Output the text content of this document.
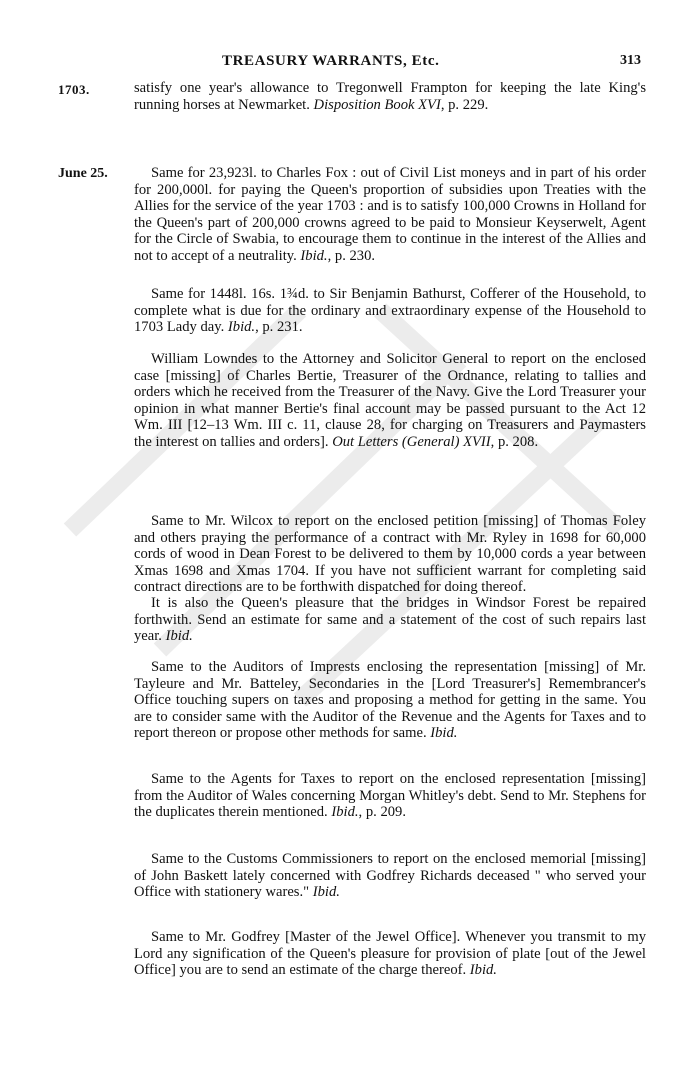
1703.
TREASURY WARRANTS, Etc.	313
June 25.

satisfy one year's allowance to Tregonwell Frampton for keeping the late King's running horses at Newmarket. Disposition Book XVI, p. 229.

Same for 23,923l. to Charles Fox : out of Civil List moneys and in part of his order for 200,000l. for paying the Queen's proportion of subsidies upon Treaties with the Allies for the service of the year 1703 : and is to satisfy 100,000 Crowns in Holland for the Queen's part of 200,000 crowns agreed to be paid to Monsieur Keyserwelt, Agent for the Circle of Swabia, to encourage them to continue in the interest of the Allies and not to accept of a neutrality. Ibid., p. 230.

Same for 1448l. 16s. 1¾d. to Sir Benjamin Bathurst, Cofferer of the Household, to complete what is due for the ordinary and extraordinary expense of the Household to 1703 Lady day. Ibid., p. 231.

William Lowndes to the Attorney and Solicitor General to report on the enclosed case [missing] of Charles Bertie, Treasurer of the Ordnance, relating to tallies and orders which he received from the Treasurer of the Navy. Give the Lord Treasurer your opinion in what manner Bertie's final account may be passed pursuant to the Act 12 Wm. III [12–13 Wm. III c. 11, clause 28, for charging on Treasurers and Paymasters the interest on tallies and orders]. Out Letters (General) XVII, p. 208.

Same to Mr. Wilcox to report on the enclosed petition [missing] of Thomas Foley and others praying the performance of a contract with Mr. Ryley in 1698 for 60,000 cords of wood in Dean Forest to be delivered to them by 10,000 cords a year between Xmas 1698 and Xmas 1704. If you have not sufficient warrant for completing said contract directions are to be forthwith dispatched for doing thereof.

It is also the Queen's pleasure that the bridges in Windsor Forest be repaired forthwith. Send an estimate for same and a statement of the cost of such repairs last year. Ibid.

Same to the Auditors of Imprests enclosing the representation [missing] of Mr. Tayleure and Mr. Batteley, Secondaries in the [Lord Treasurer's] Remembrancer's Office touching supers on taxes and proposing a method for getting in the same. You are to consider same with the Auditor of the Revenue and the Agents for Taxes and to report thereon or propose other methods for same. Ibid.

Same to the Agents for Taxes to report on the enclosed representation [missing] from the Auditor of Wales concerning Morgan Whitley's debt. Send to Mr. Stephens for the duplicates therein mentioned. Ibid., p. 209.

Same to the Customs Commissioners to report on the enclosed memorial [missing] of John Baskett lately concerned with Godfrey Richards deceased " who served your Office with stationery wares." Ibid.

Same to Mr. Godfrey [Master of the Jewel Office]. Whenever you transmit to my Lord any signification of the Queen's pleasure for provision of plate [out of the Jewel Office] you are to send an estimate of the charge thereof. Ibid.
